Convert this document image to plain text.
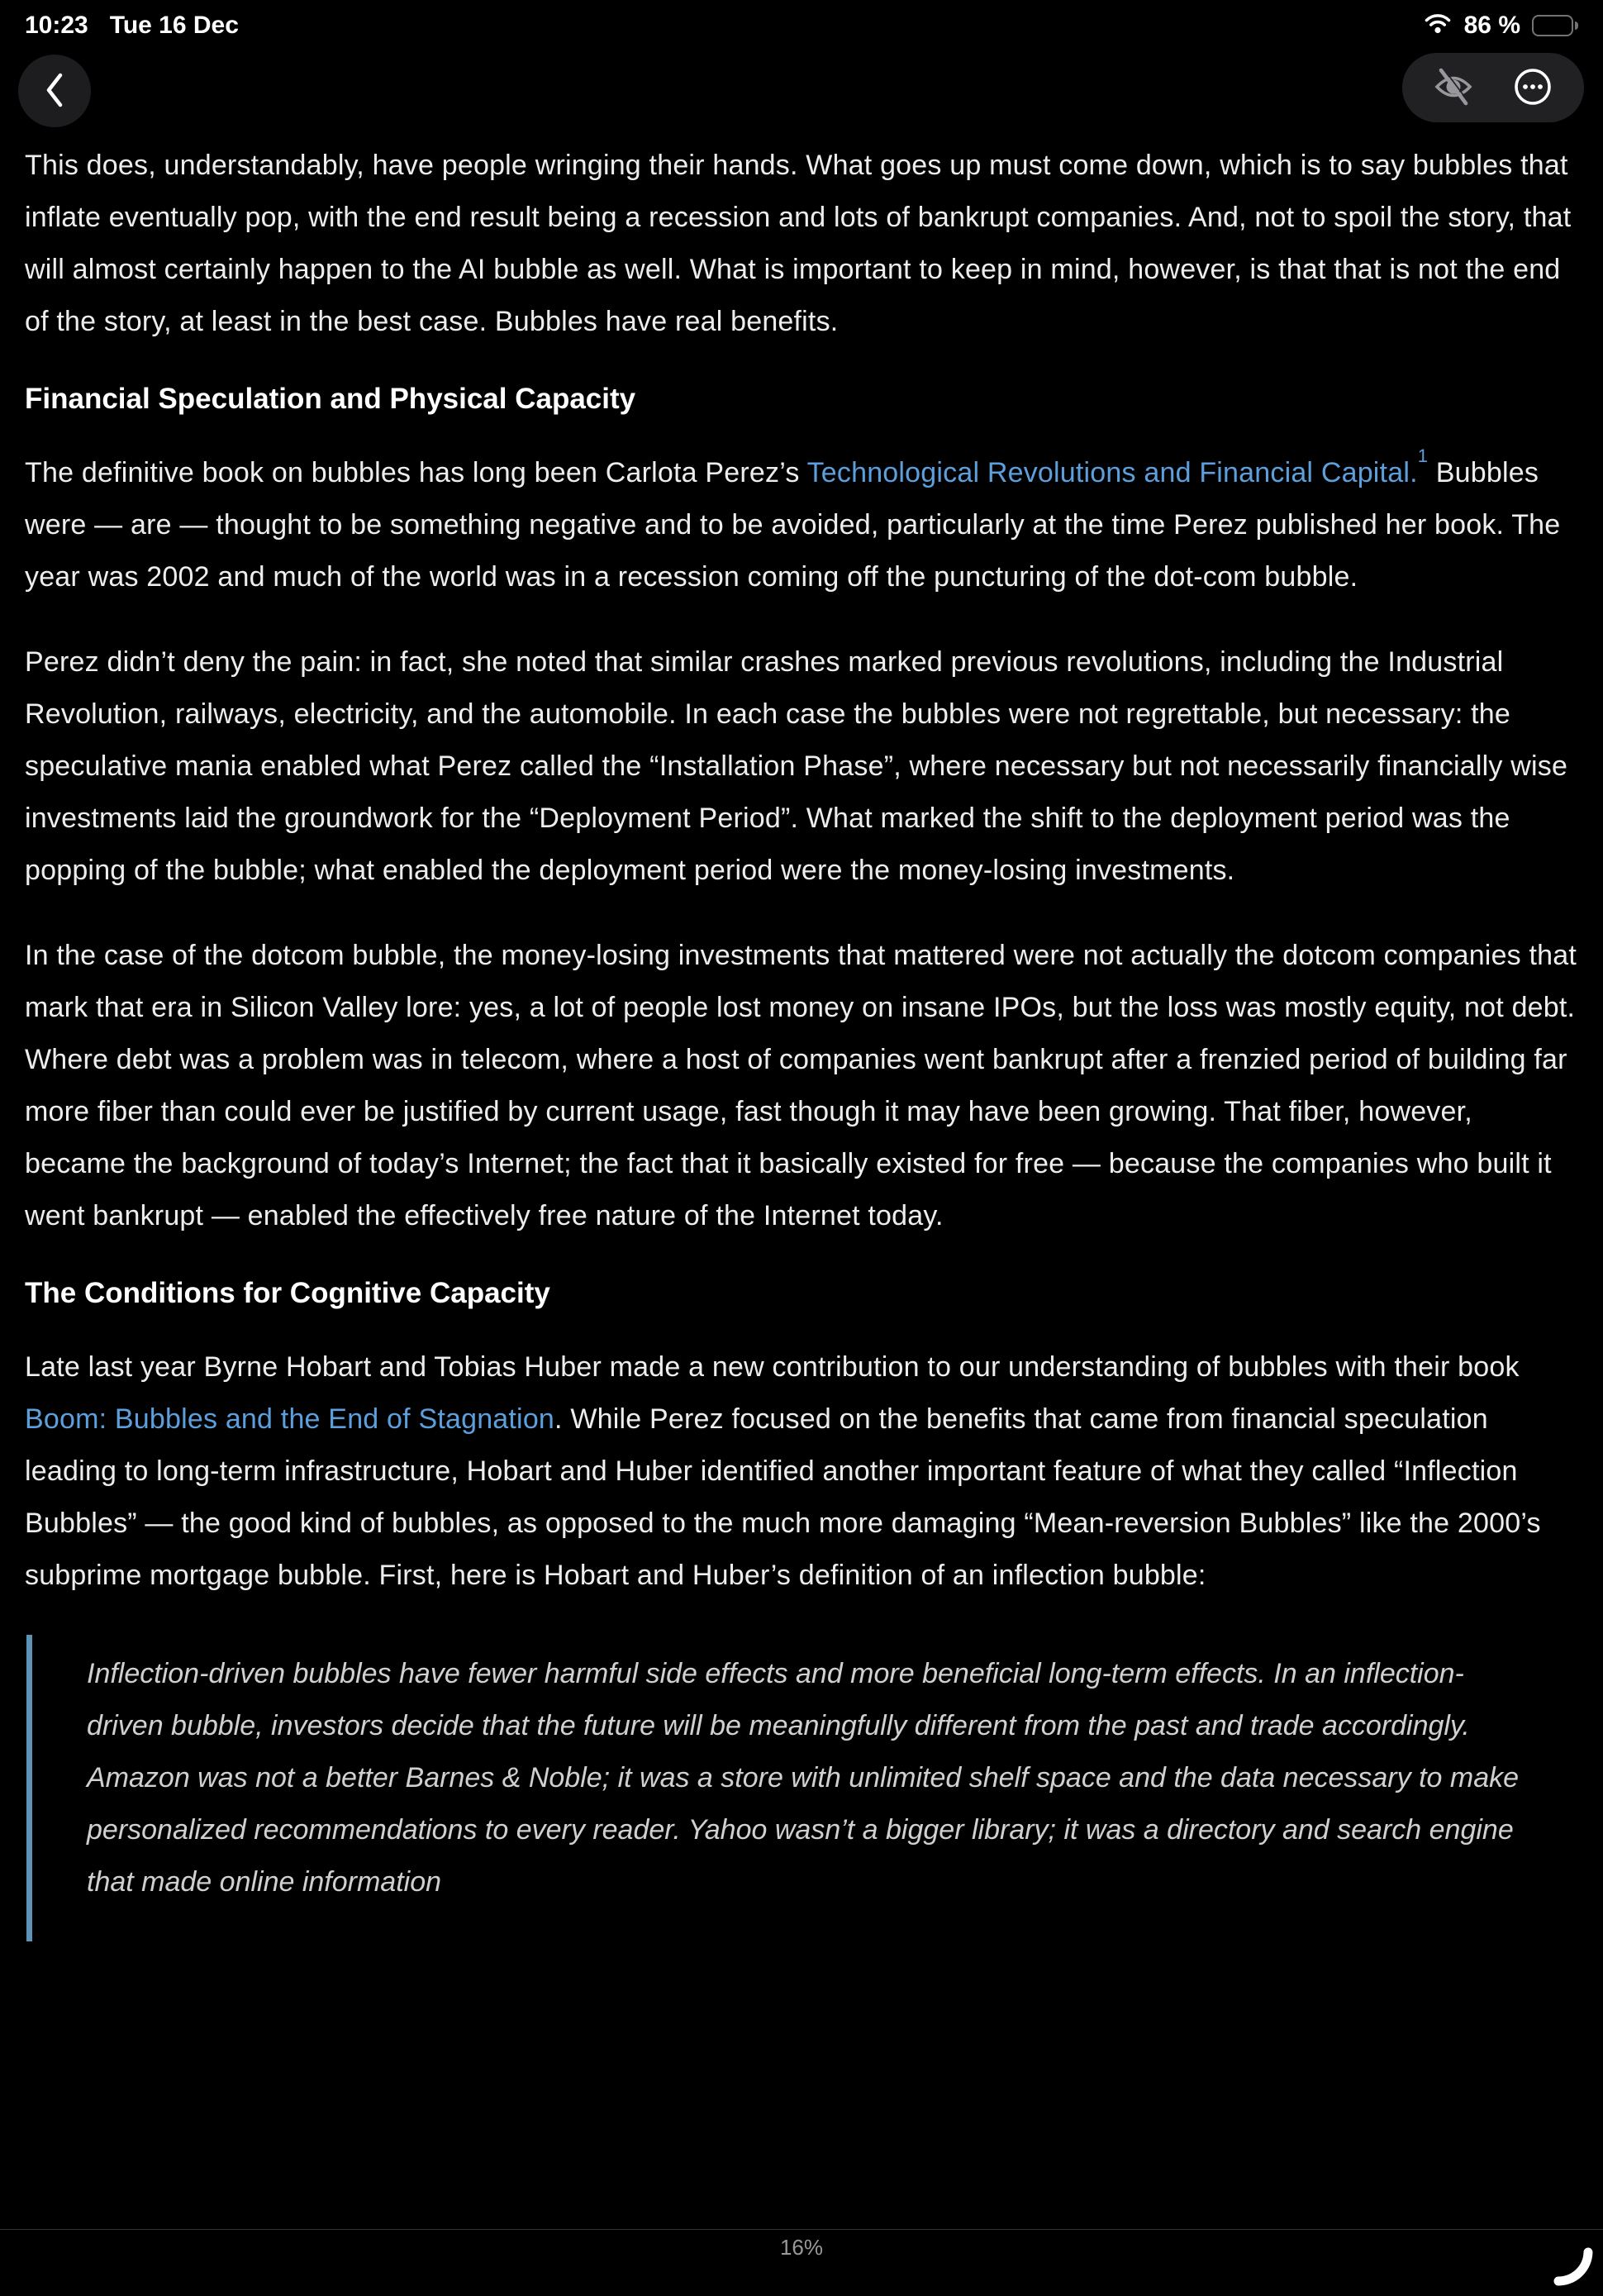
10:23 Tue 16 Dec	86 %

This does, understandably, have people wringing their hands. What goes up must come down, which is to say bubbles that inflate eventually pop, with the end result being a recession and lots of bankrupt companies. And, not to spoil the story, that will almost certainly happen to the AI bubble as well. What is important to keep in mind, however, is that that is not the end of the story, at least in the best case. Bubbles have real benefits.

Financial Speculation and Physical Capacity

The definitive book on bubbles has long been Carlota Perez’s Technological Revolutions and Financial Capital.$^1$ Bubbles were — are — thought to be something negative and to be avoided, particularly at the time Perez published her book. The year was 2002 and much of the world was in a recession coming off the puncturing of the dot-com bubble.

Perez didn’t deny the pain: in fact, she noted that similar crashes marked previous revolutions, including the Industrial Revolution, railways, electricity, and the automobile. In each case the bubbles were not regrettable, but necessary: the speculative mania enabled what Perez called the “Installation Phase”, where necessary but not necessarily financially wise investments laid the groundwork for the “Deployment Period”. What marked the shift to the deployment period was the popping of the bubble; what enabled the deployment period were the money-losing investments.

In the case of the dotcom bubble, the money-losing investments that mattered were not actually the dotcom companies that mark that era in Silicon Valley lore: yes, a lot of people lost money on insane IPOs, but the loss was mostly equity, not debt. Where debt was a problem was in telecom, where a host of companies went bankrupt after a frenzied period of building far more fiber than could ever be justified by current usage, fast though it may have been growing. That fiber, however, became the background of today’s Internet; the fact that it basically existed for free — because the companies who built it went bankrupt — enabled the effectively free nature of the Internet today.

The Conditions for Cognitive Capacity

Late last year Byrne Hobart and Tobias Huber made a new contribution to our understanding of bubbles with their book Boom: Bubbles and the End of Stagnation. While Perez focused on the benefits that came from financial speculation leading to long-term infrastructure, Hobart and Huber identified another important feature of what they called “Inflection Bubbles” — the good kind of bubbles, as opposed to the much more damaging “Mean-reversion Bubbles” like the 2000’s subprime mortgage bubble. First, here is Hobart and Huber’s definition of an inflection bubble:

Inflection-driven bubbles have fewer harmful side effects and more beneficial long-term effects. In an inflection-driven bubble, investors decide that the future will be meaningfully different from the past and trade accordingly. Amazon was not a better Barnes & Noble; it was a store with unlimited shelf space and the data necessary to make personalized recommendations to every reader. Yahoo wasn’t a bigger library; it was a directory and search engine that made online information
16%
